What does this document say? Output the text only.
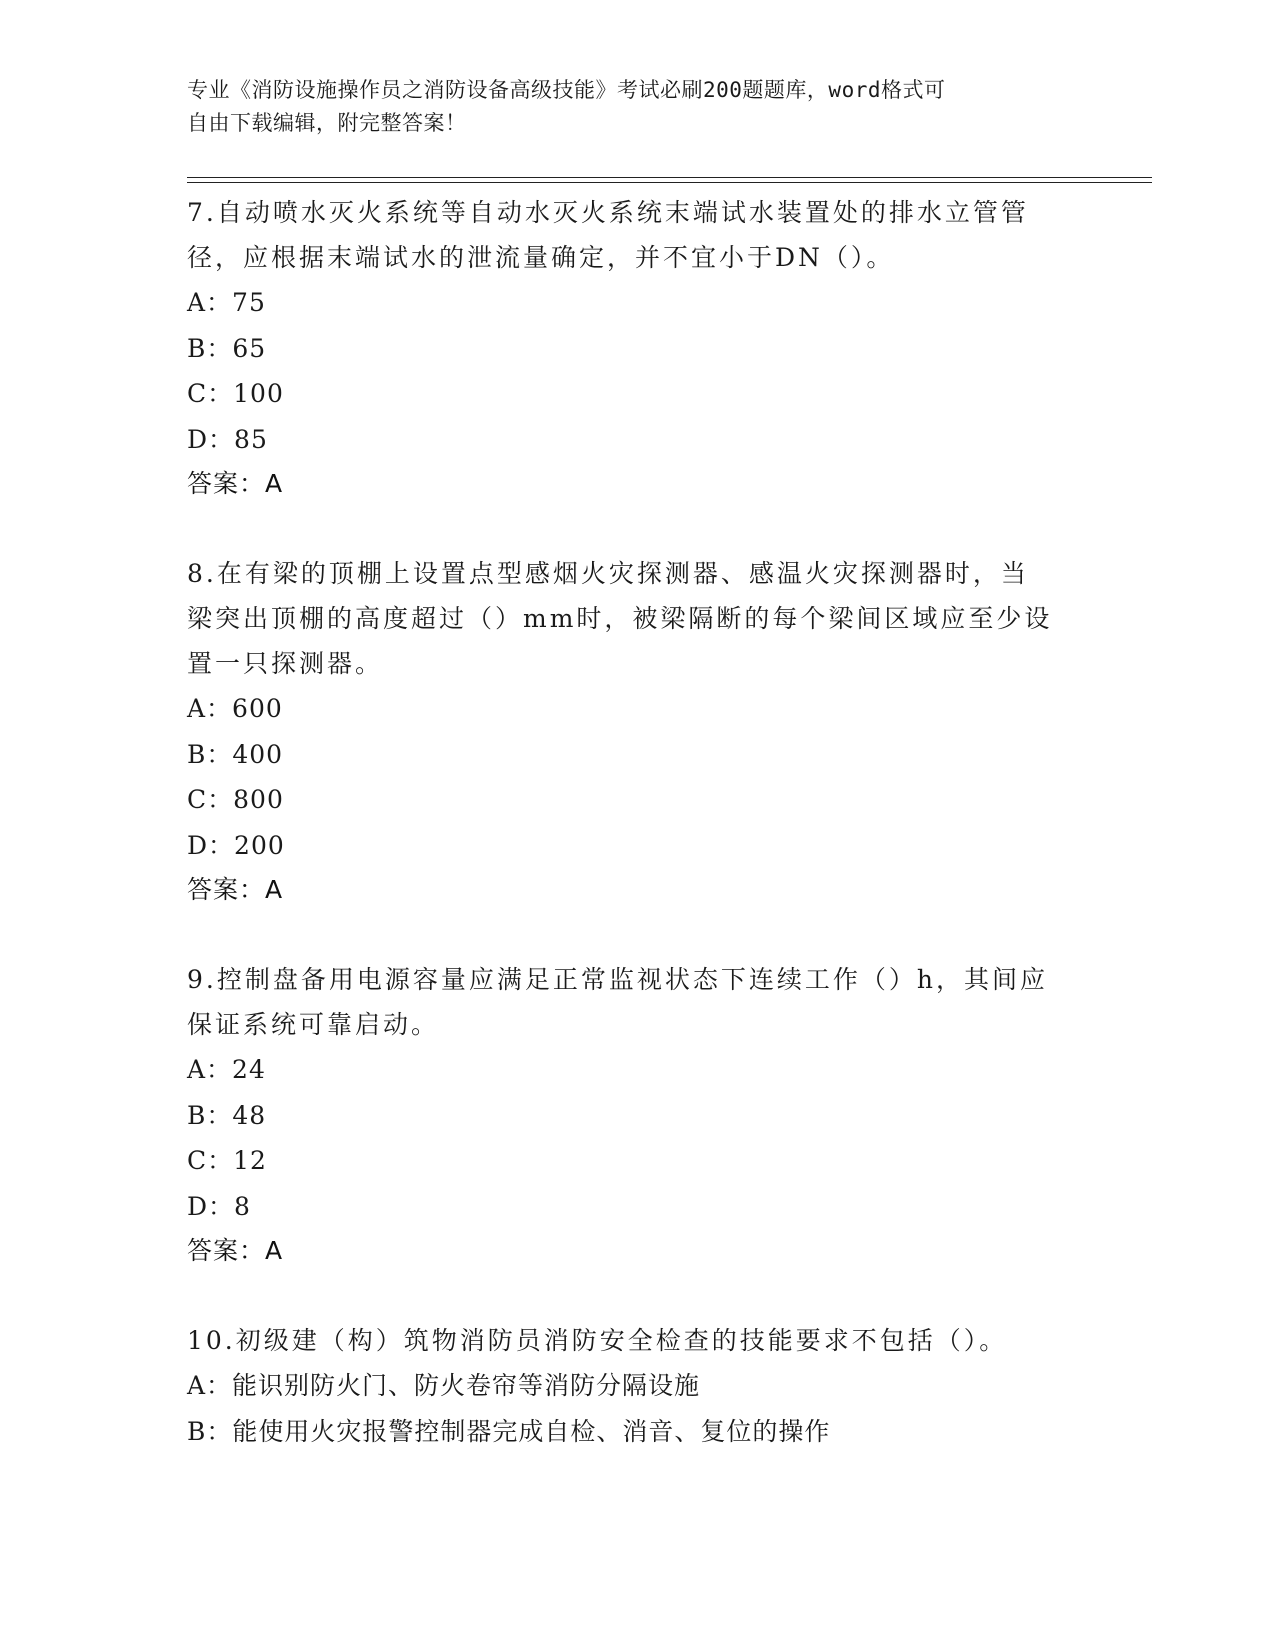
专业《消防设施操作员之消防设备高级技能》考试必刷200题题库，word格式可
自由下载编辑，附完整答案！
7.自动喷水灭火系统等自动水灭火系统末端试水装置处的排水立管管
径，应根据末端试水的泄流量确定，并不宜小于DN（）。
A：75
B：65
C：100
D：85
答案：A
8.在有梁的顶棚上设置点型感烟火灾探测器、感温火灾探测器时，当
梁突出顶棚的高度超过（）mm时，被梁隔断的每个梁间区域应至少设
置一只探测器。
A：600
B：400
C：800
D：200
答案：A
9.控制盘备用电源容量应满足正常监视状态下连续工作（）h，其间应
保证系统可靠启动。
A：24
B：48
C：12
D：8
答案：A
10.初级建（构）筑物消防员消防安全检查的技能要求不包括（）。
A：能识别防火门、防火卷帘等消防分隔设施
B：能使用火灾报警控制器完成自检、消音、复位的操作
